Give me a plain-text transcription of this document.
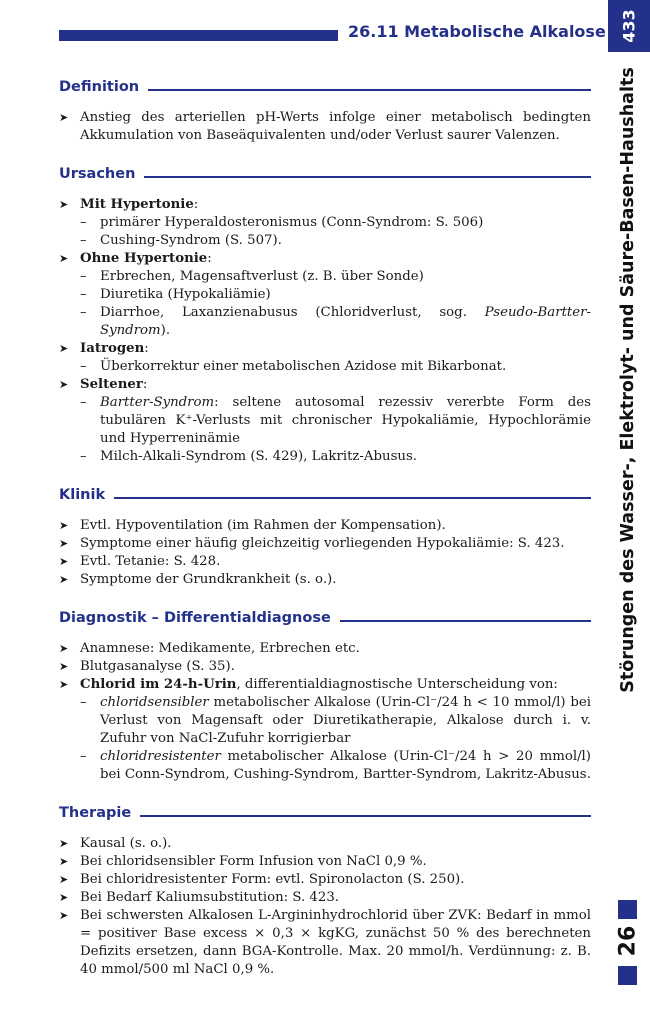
26.11 Metabolische Alkalose 433
Störungen des Wasser-, Elektrolyt- und Säure-Basen-Haushalts
26
Definition
➤ Anstieg des arteriellen pH-Werts infolge einer metabolisch bedingten Akkumulation von Baseäquivalenten und/oder Verlust saurer Valenzen.
Ursachen
➤ Mit Hypertonie:
–	primärer Hyperaldosteronismus (Conn-Syndrom: S. 506)
–	Cushing-Syndrom (S. 507).
➤ Ohne Hypertonie:
–	Erbrechen, Magensaftverlust (z. B. über Sonde)
–	Diuretika (Hypokaliämie)
–	Diarrhoe, Laxanzienabusus (Chloridverlust, sog. Pseudo-Bartter-Syndrom).
➤ Iatrogen:
–	Überkorrektur einer metabolischen Azidose mit Bikarbonat.
➤ Seltener:
–	Bartter-Syndrom: seltene autosomal rezessiv vererbte Form des tubulären K⁺-Verlusts mit chronischer Hypokaliämie, Hypochlorämie und Hyperreninämie
–	Milch-Alkali-Syndrom (S. 429), Lakritz-Abusus.
Klinik
➤ Evtl. Hypoventilation (im Rahmen der Kompensation).
➤ Symptome einer häufig gleichzeitig vorliegenden Hypokaliämie: S. 423.
➤ Evtl. Tetanie: S. 428.
➤ Symptome der Grundkrankheit (s. o.).
Diagnostik – Differentialdiagnose
➤ Anamnese: Medikamente, Erbrechen etc.
➤ Blutgasanalyse (S. 35).
➤ Chlorid im 24-h-Urin, differentialdiagnostische Unterscheidung von:
–	chloridsensibler metabolischer Alkalose (Urin-Cl⁻/24 h < 10 mmol/l) bei Verlust von Magensaft oder Diuretikatherapie, Alkalose durch i. v. Zufuhr von NaCl-Zufuhr korrigierbar
–	chloridresistenter metabolischer Alkalose (Urin-Cl⁻/24 h > 20 mmol/l) bei Conn-Syndrom, Cushing-Syndrom, Bartter-Syndrom, Lakritz-Abusus.
Therapie
➤ Kausal (s. o.).
➤ Bei chloridsensibler Form Infusion von NaCl 0,9 %.
➤ Bei chloridresistenter Form: evtl. Spironolacton (S. 250).
➤ Bei Bedarf Kaliumsubstitution: S. 423.
➤ Bei schwersten Alkalosen L-Argininhydrochlorid über ZVK: Bedarf in mmol = positiver Base excess × 0,3 × kgKG, zunächst 50 % des berechneten Defizits ersetzen, dann BGA-Kontrolle. Max. 20 mmol/h. Verdünnung: z. B. 40 mmol/500 ml NaCl 0,9 %.
